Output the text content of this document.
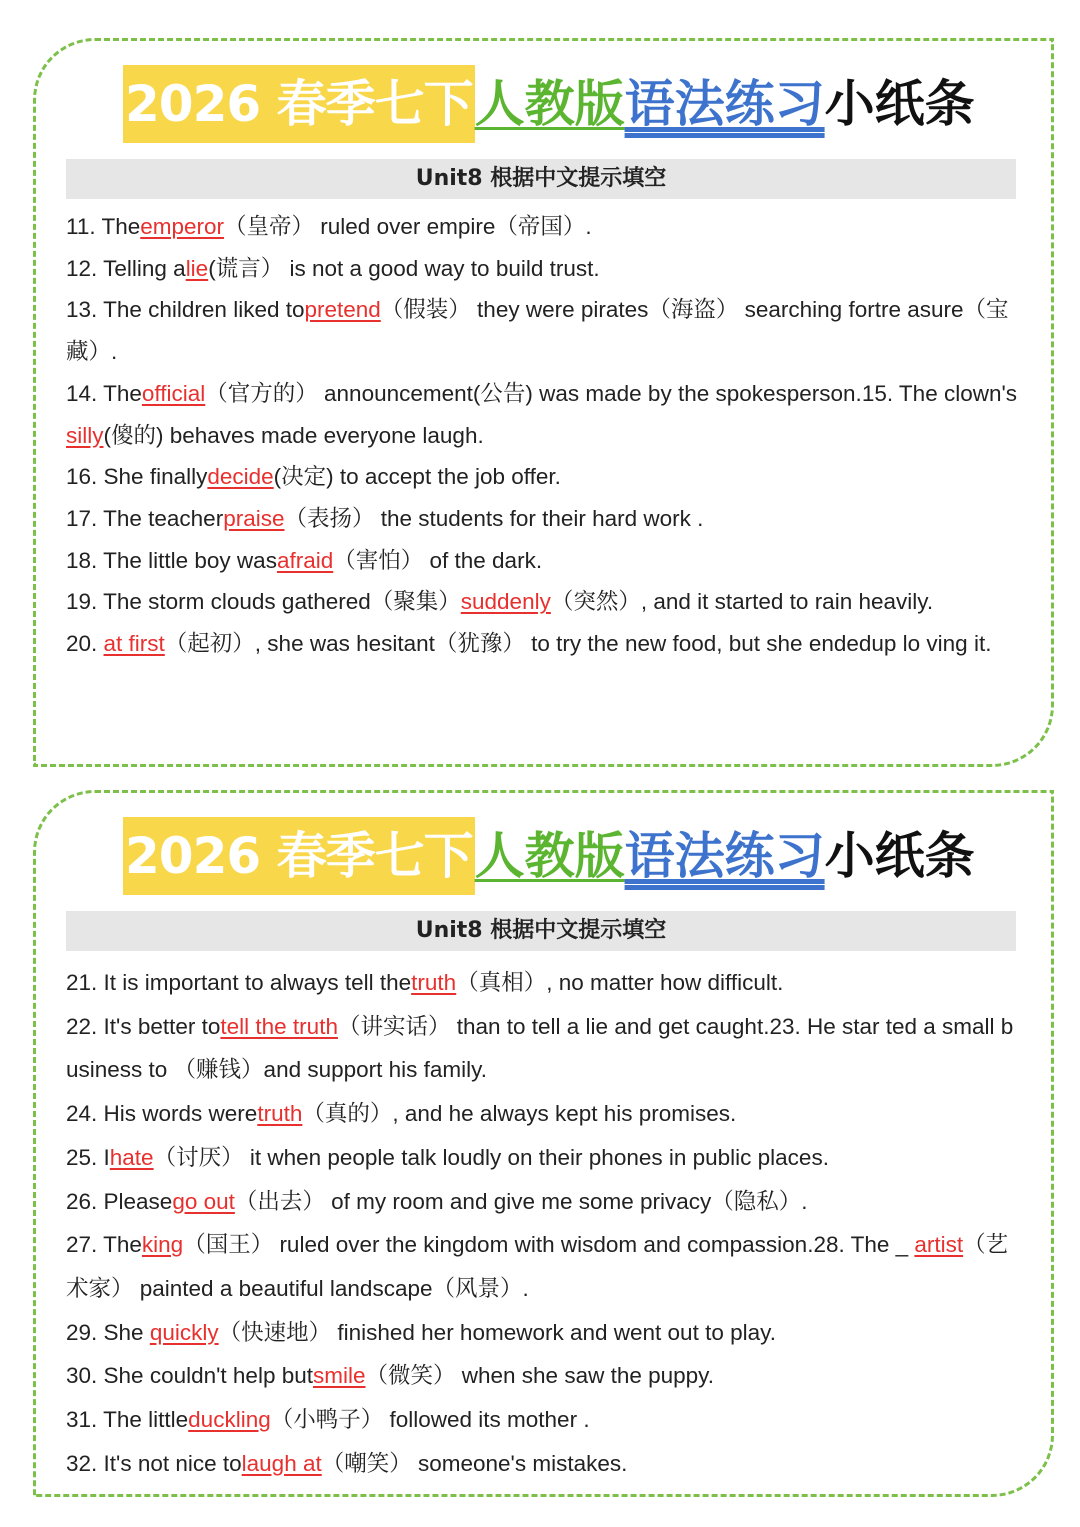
2026 春季七下 人教版 语法练习 小纸条
Unit8 根据中文提示填空
11. Theemperor（皇帝） ruled over empire（帝国）.
12. Telling alie(谎言） is not a good way to build trust.
13. The children liked topretend（假装） they were pirates（海盗） searching fortre asure（宝藏）.
14. Theofficial（官方的） announcement(公告) was made by the spokesperson.15. The clown'ssilly(傻的) behaves made everyone laugh.
16. She finallydecide(决定) to accept the job offer.
17. The teacherpraise（表扬） the students for their hard work .
18. The little boy wasafraid（害怕） of the dark.
19. The storm clouds gathered（聚集）suddenly（突然）, and it started to rain heavily.
20. at first（起初）, she was hesitant（犹豫） to try the new food, but she endedup lo ving it.
2026 春季七下 人教版 语法练习 小纸条
Unit8 根据中文提示填空
21. It is important to always tell thetruth（真相）, no matter how difficult.
22. It's better totell the truth（讲实话） than to tell a lie and get caught.23. He star ted a small business to （赚钱）and support his family.
24. His words weretruth（真的）, and he always kept his promises.
25. Ihate（讨厌） it when people talk loudly on their phones in public places.
26. Pleasego out（出去） of my room and give me some privacy（隐私）.
27. Theking（国王） ruled over the kingdom with wisdom and compassion.28. The _ artist（艺术家） painted a beautiful landscape（风景）.
29. She quickly（快速地） finished her homework and went out to play.
30. She couldn't help butsmile（微笑） when she saw the puppy.
31. The littleduckling（小鸭子） followed its mother .
32. It's not nice tolaugh at（嘲笑） someone's mistakes.
